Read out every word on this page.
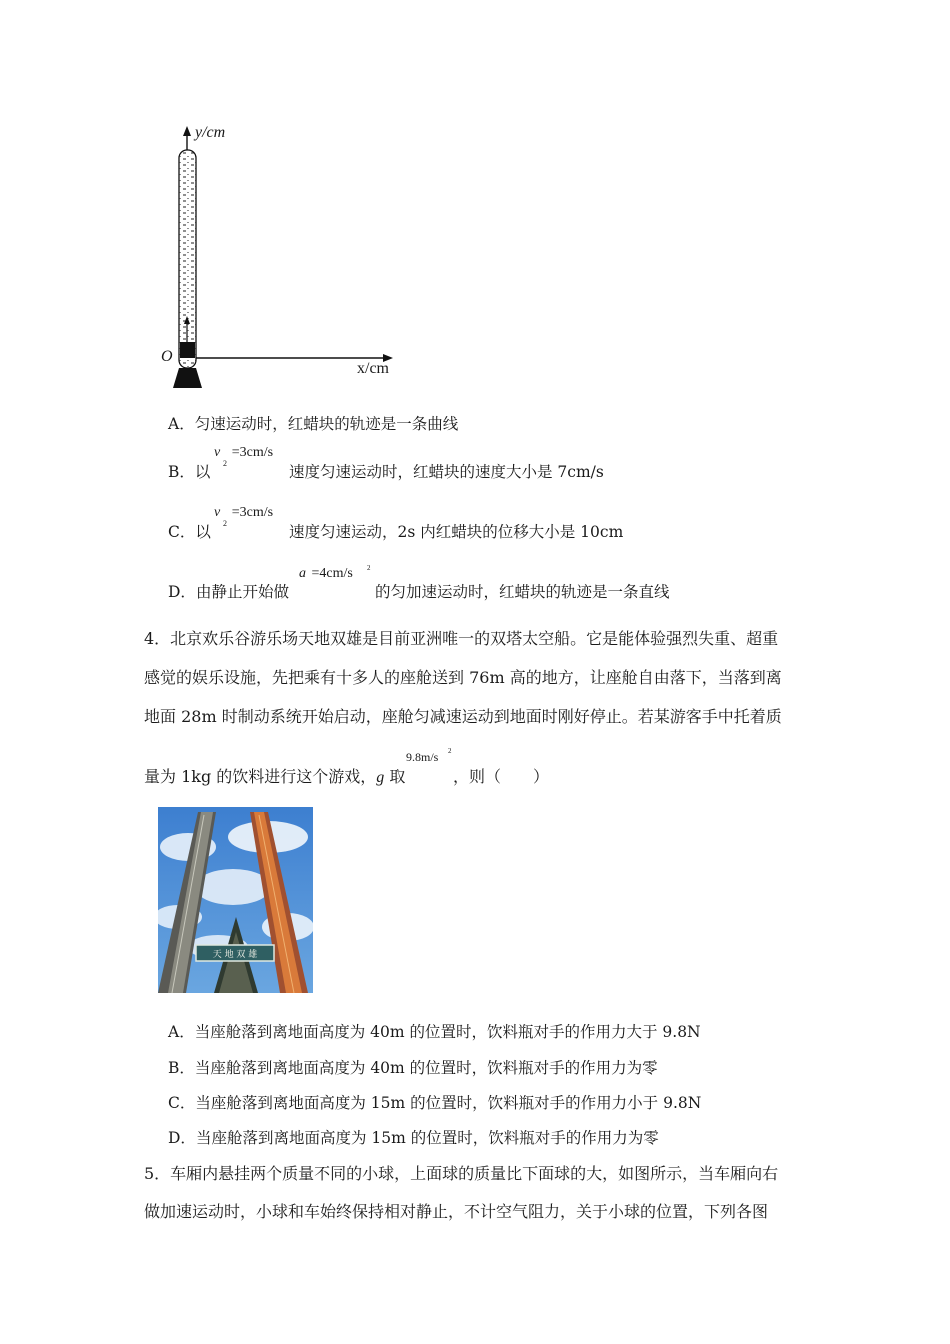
y/cm
O
x/cm
A．匀速运动时，红蜡块的轨迹是一条曲线
B．以
v
2
=3cm/s
速度匀速运动时，红蜡块的速度大小是 7cm/s
C．以
v
2
=3cm/s
速度匀速运动，2s 内红蜡块的位移大小是 10cm
D．由静止开始做
a =4cm/s 2
的匀加速运动时，红蜡块的轨迹是一条直线
4．北京欢乐谷游乐场天地双雄是目前亚洲唯一的双塔太空船。它是能体验强烈失重、超重
感觉的娱乐设施，先把乘有十多人的座舱送到 76m 高的地方，让座舱自由落下，当落到离
地面 28m 时制动系统开始启动，座舱匀减速运动到地面时刚好停止。若某游客手中托着质
量为 1kg 的饮料进行这个游戏，g 取
9.8m/s 2
，则（　　）
天 地 双 雄
A．当座舱落到离地面高度为 40m 的位置时，饮料瓶对手的作用力大于 9.8N
B．当座舱落到离地面高度为 40m 的位置时，饮料瓶对手的作用力为零
C．当座舱落到离地面高度为 15m 的位置时，饮料瓶对手的作用力小于 9.8N
D．当座舱落到离地面高度为 15m 的位置时，饮料瓶对手的作用力为零
5．车厢内悬挂两个质量不同的小球，上面球的质量比下面球的大，如图所示，当车厢向右
做加速运动时，小球和车始终保持相对静止，不计空气阻力，关于小球的位置，下列各图
